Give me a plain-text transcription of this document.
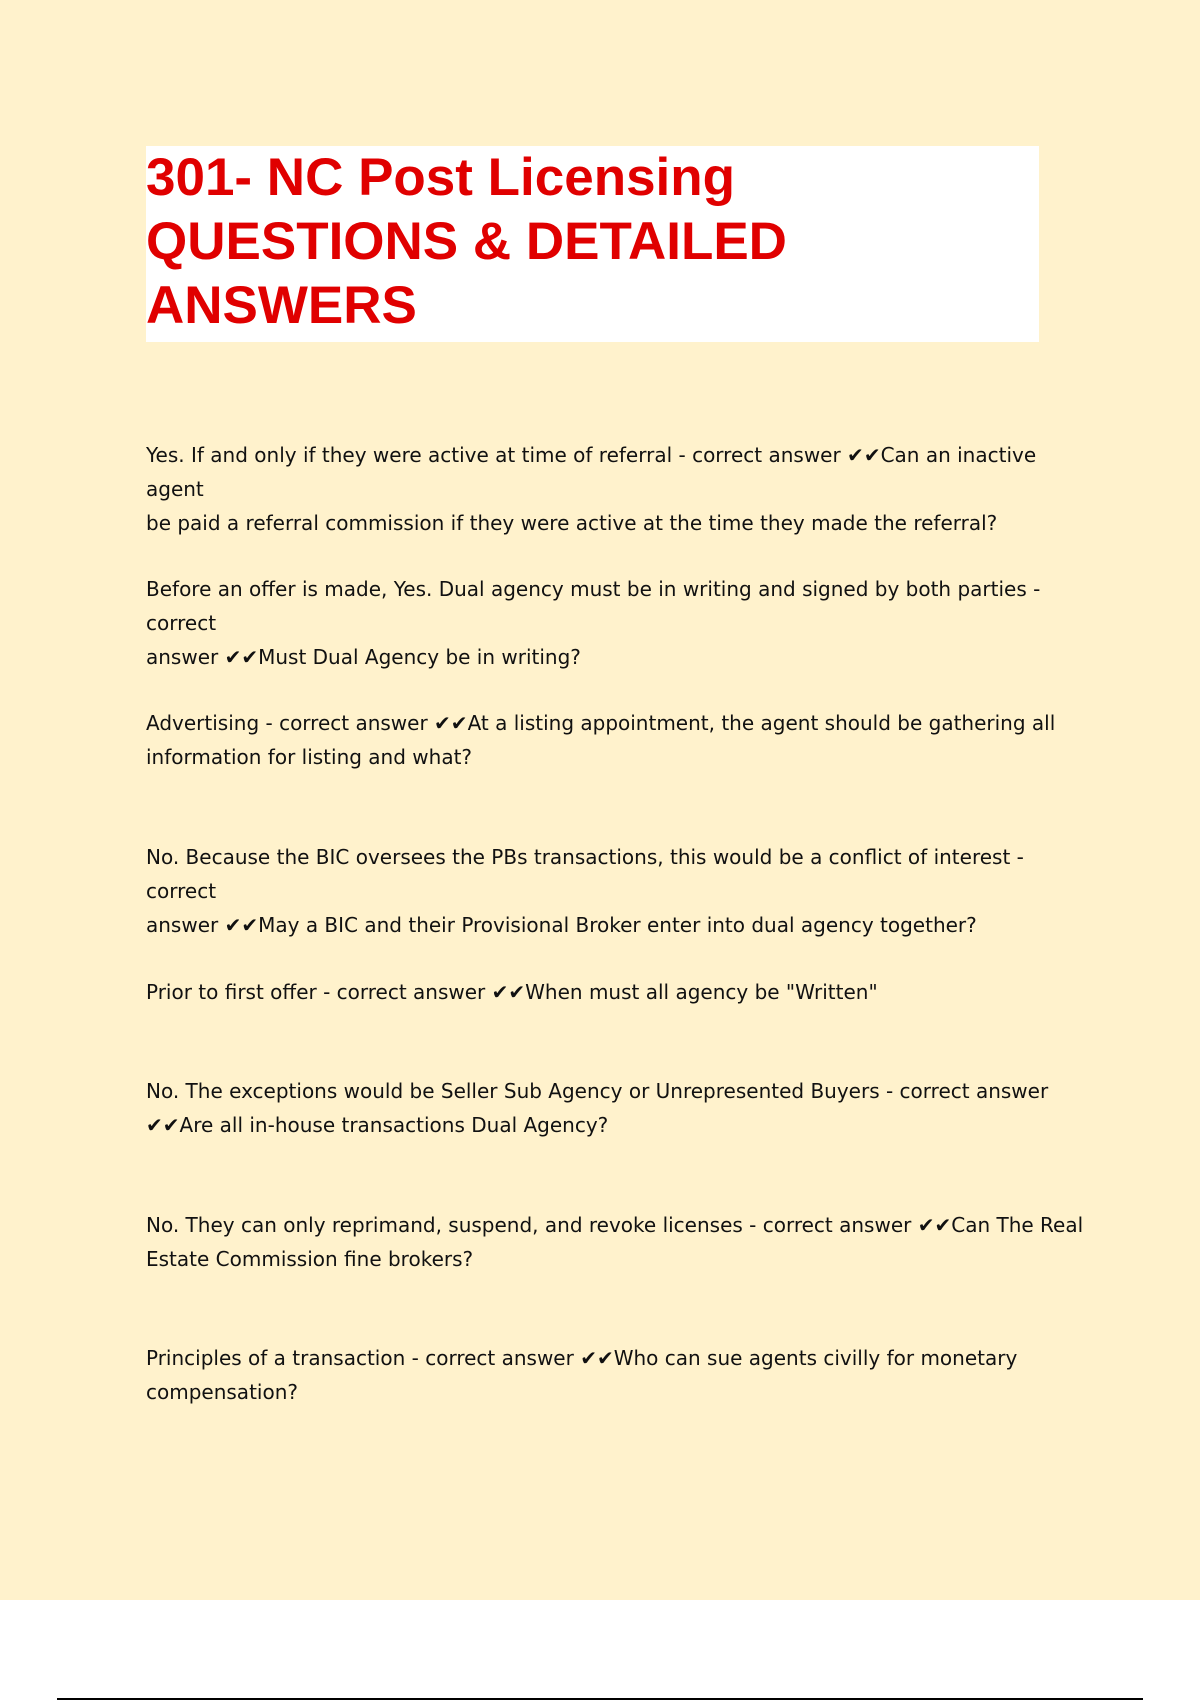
301- NC Post Licensing
QUESTIONS & DETAILED
ANSWERS

Yes. If and only if they were active at time of referral - correct answer ✔✔Can an inactive agent
be paid a referral commission if they were active at the time they made the referral?

Before an offer is made, Yes. Dual agency must be in writing and signed by both parties - correct
answer ✔✔Must Dual Agency be in writing?

Advertising - correct answer ✔✔At a listing appointment, the agent should be gathering all
information for listing and what?

No. Because the BIC oversees the PBs transactions, this would be a conflict of interest - correct
answer ✔✔May a BIC and their Provisional Broker enter into dual agency together?

Prior to first offer - correct answer ✔✔When must all agency be "Written"

No. The exceptions would be Seller Sub Agency or Unrepresented Buyers - correct answer
✔✔Are all in-house transactions Dual Agency?

No. They can only reprimand, suspend, and revoke licenses - correct answer ✔✔Can The Real
Estate Commission fine brokers?

Principles of a transaction - correct answer ✔✔Who can sue agents civilly for monetary
compensation?
